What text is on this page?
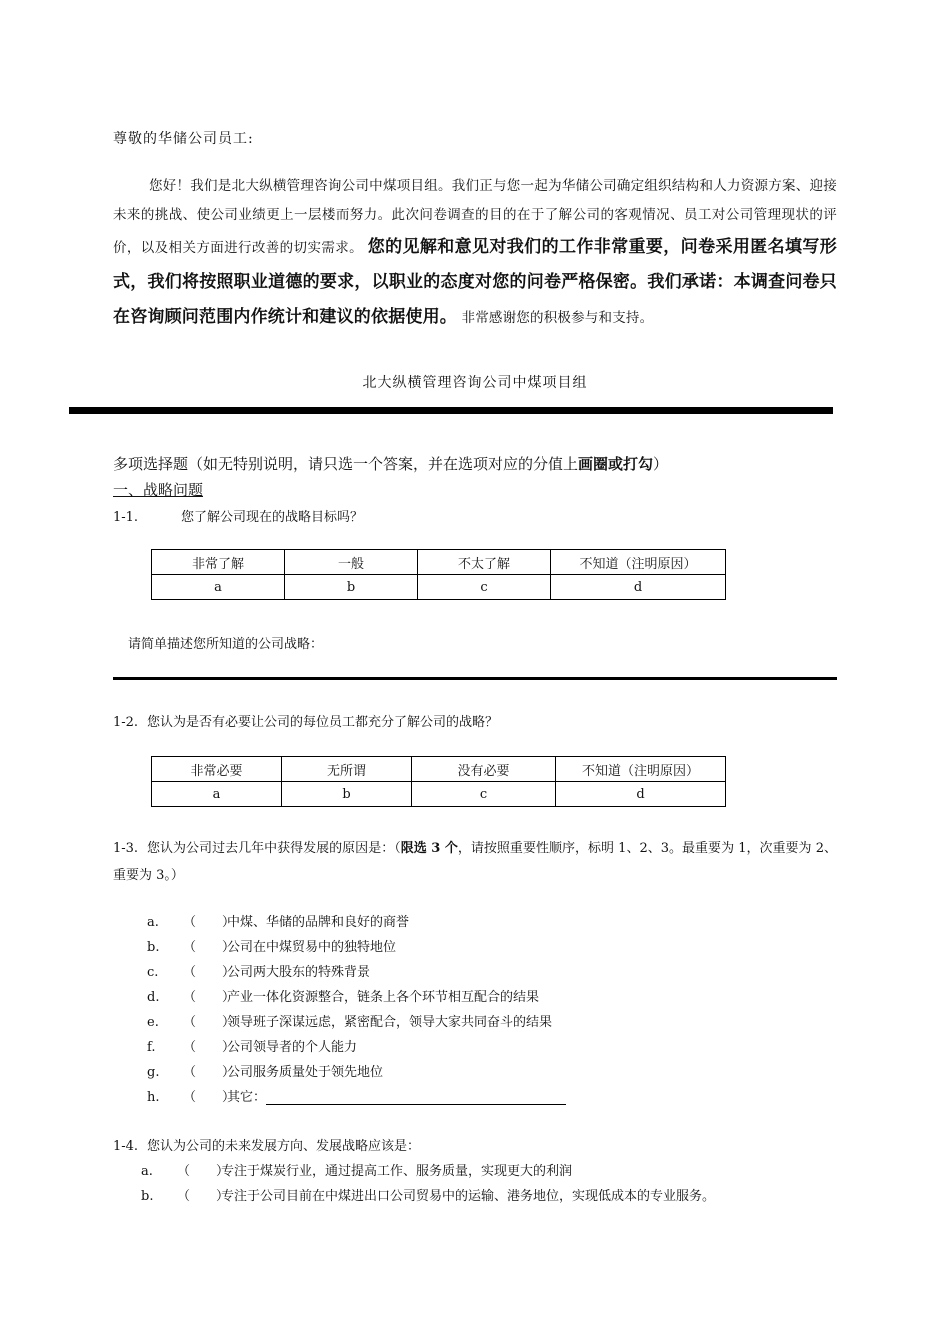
尊敬的华储公司员工:
您好！我们是北大纵横管理咨询公司中煤项目组。我们正与您一起为华储公司确定组织结构和人力资源方案、迎接未来的挑战、使公司业绩更上一层楼而努力。此次问卷调查的目的在于了解公司的客观情况、员工对公司管理现状的评价，以及相关方面进行改善的切实需求。 您的见解和意见对我们的工作非常重要，问卷采用匿名填写形式，我们将按照职业道德的要求，以职业的态度对您的问卷严格保密。我们承诺：本调查问卷只在咨询顾问范围内作统计和建议的依据使用。 非常感谢您的积极参与和支持。
北大纵横管理咨询公司中煤项目组
多项选择题（如无特别说明，请只选一个答案，并在选项对应的分值上画圈或打勾）
一、战略问题
1-1.	您了解公司现在的战略目标吗？
非常了解	一般	不太了解	不知道（注明原因）
a	b	c	d
请简单描述您所知道的公司战略：
1-2. 您认为是否有必要让公司的每位员工都充分了解公司的战略？
非常必要	无所谓	没有必要	不知道（注明原因）
a	b	c	d
1-3. 您认为公司过去几年中获得发展的原因是：（限选 3 个，请按照重要性顺序，标明 1、2、3。最重要为 1，次重要为 2、重要为 3。）
a. （　　）中煤、华储的品牌和良好的商誉
b. （　　）公司在中煤贸易中的独特地位
c. （　　）公司两大股东的特殊背景
d. （　　）产业一体化资源整合，链条上各个环节相互配合的结果
e. （　　）领导班子深谋远虑，紧密配合，领导大家共同奋斗的结果
f. （　　）公司领导者的个人能力
g. （　　）公司服务质量处于领先地位
h. （　　）其它：
1-4. 您认为公司的未来发展方向、发展战略应该是：
a. （　　）专注于煤炭行业，通过提高工作、服务质量，实现更大的利润
b. （　　）专注于公司目前在中煤进出口公司贸易中的运输、港务地位，实现低成本的专业服务。
